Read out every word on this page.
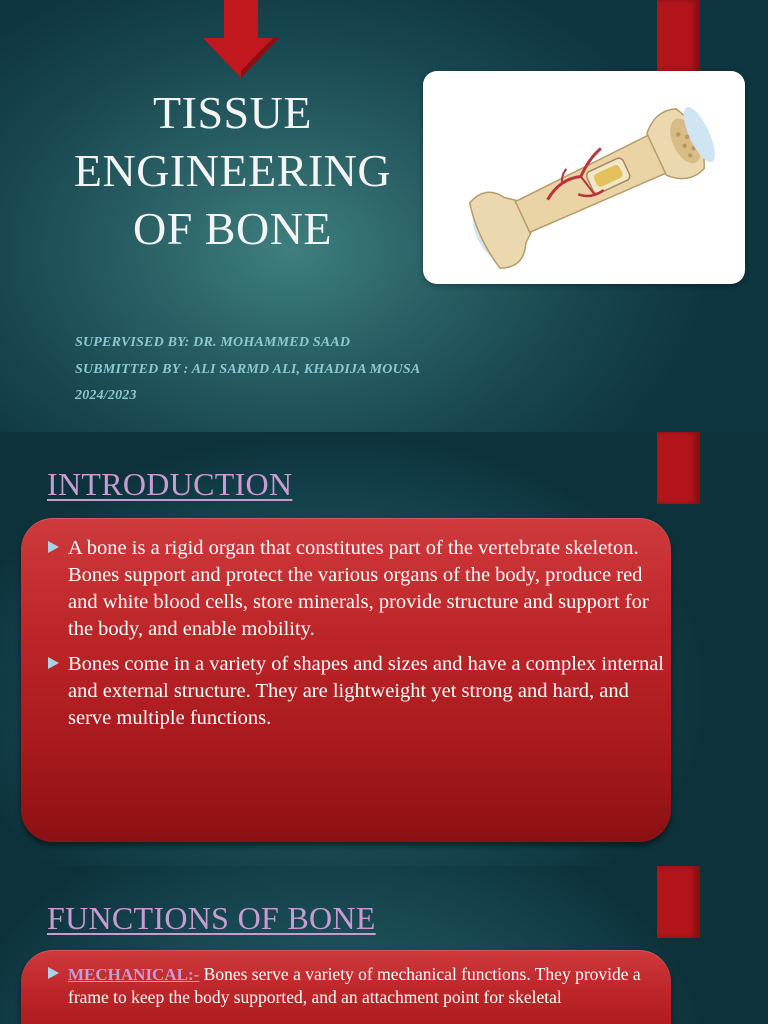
TISSUE ENGINEERING OF BONE
SUPERVISED BY: DR. MOHAMMED SAAD
SUBMITTED BY : ALI SARMD ALI, KHADIJA MOUSA
2024/2023
INTRODUCTION
A bone is a rigid organ that constitutes part of the vertebrate skeleton. Bones support and protect the various organs of the body, produce red and white blood cells, store minerals, provide structure and support for the body, and enable mobility.
Bones come in a variety of shapes and sizes and have a complex internal and external structure. They are lightweight yet strong and hard, and serve multiple functions.
FUNCTIONS OF BONE
MECHANICAL:- Bones serve a variety of mechanical functions. They provide a frame to keep the body supported, and an attachment point for skeletal
